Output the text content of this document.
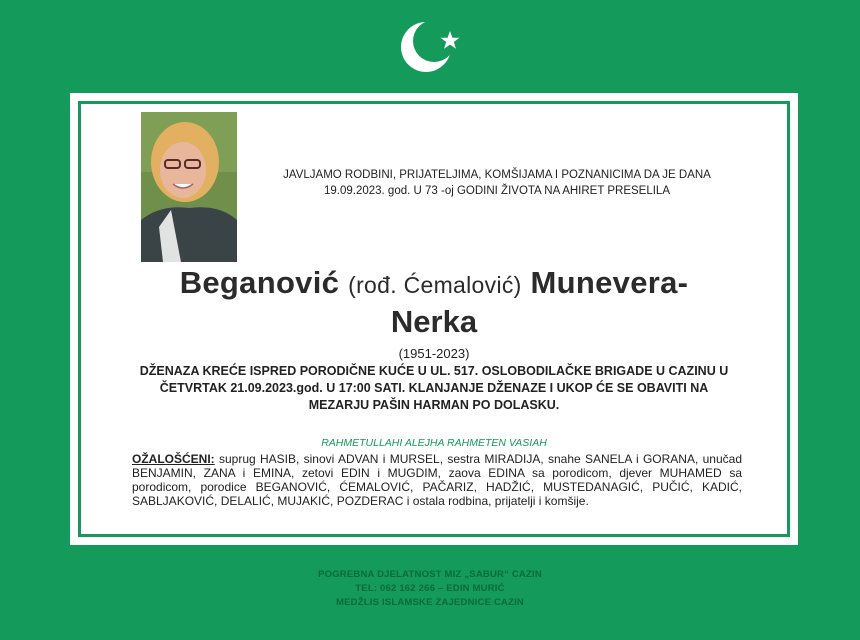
JAVLJAMO RODBINI, PRIJATELJIMA, KOMŠIJAMA I POZNANICIMA DA JE DANA 19.09.2023. god. U 73 -oj GODINI ŽIVOTA NA AHIRET PRESELILA
Beganović (rođ. Ćemalović) Munevera-
Nerka
(1951-2023)
DŽENAZA KREĆE ISPRED PORODIČNE KUĆE U UL. 517. OSLOBODILAČKE BRIGADE U CAZINU U ČETVRTAK 21.09.2023.god. U 17:00 SATI. KLANJANJE DŽENAZE I UKOP ĆE SE OBAVITI NA MEZARJU PAŠIN HARMAN PO DOLASKU.
RAHMETULLAHI ALEJHA RAHMETEN VASIAH
OŽALOŠĆENI: suprug HASIB, sinovi ADVAN i MURSEL, sestra MIRADIJA, snahe SANELA i GORANA, unučad BENJAMIN, ZANA i EMINA, zetovi EDIN i MUGDIM, zaova EDINA sa porodicom, djever MUHAMED sa porodicom, porodice BEGANOVIĆ, ĆEMALOVIĆ, PAČARIZ, HADŽIĆ, MUSTEDANAGIĆ, PUČIĆ, KADIĆ, SABLJAKOVIĆ, DELALIĆ, MUJAKIĆ, POZDERAC i ostala rodbina, prijatelji i komšije.
POGREBNA DJELATNOST MIZ „SABUR“ CAZIN
TEL: 062 162 266 – EDIN MURIĆ
MEDŽLIS ISLAMSKE ZAJEDNICE CAZIN
